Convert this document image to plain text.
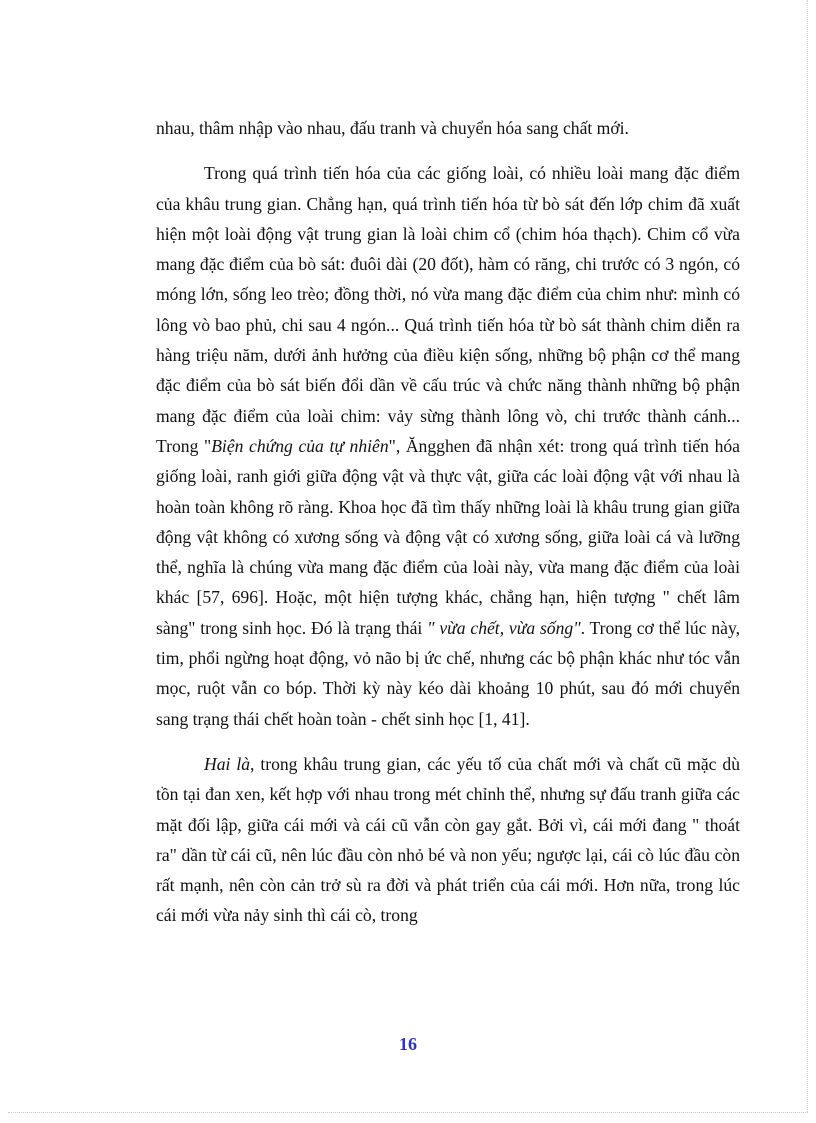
nhau, thâm nhập vào nhau, đấu tranh và chuyển hóa sang chất mới.

Trong quá trình tiến hóa của các giống loài, có nhiều loài mang đặc điểm của khâu trung gian. Chẳng hạn, quá trình tiến hóa từ bò sát đến lớp chim đã xuất hiện một loài động vật trung gian là loài chim cổ (chim hóa thạch). Chim cổ vừa mang đặc điểm của bò sát: đuôi dài (20 đốt), hàm có răng, chi trước có 3 ngón, có móng lớn, sống leo trèo; đồng thời, nó vừa mang đặc điểm của chim như: mình có lông vò bao phủ, chi sau 4 ngón... Quá trình tiến hóa từ bò sát thành chim diễn ra hàng triệu năm, dưới ảnh hưởng của điều kiện sống, những bộ phận cơ thể mang đặc điểm của bò sát biến đổi dần về cấu trúc và chức năng thành những bộ phận mang đặc điểm của loài chim: vảy sừng thành lông vò, chi trước thành cánh... Trong "Biện chứng của tự nhiên", Ăngghen đã nhận xét: trong quá trình tiến hóa giống loài, ranh giới giữa động vật và thực vật, giữa các loài động vật với nhau là hoàn toàn không rõ ràng. Khoa học đã tìm thấy những loài là khâu trung gian giữa động vật không có xương sống và động vật có xương sống, giữa loài cá và lưỡng thể, nghĩa là chúng vừa mang đặc điểm của loài này, vừa mang đặc điểm của loài khác [57, 696]. Hoặc, một hiện tượng khác, chẳng hạn, hiện tượng " chết lâm sàng" trong sinh học. Đó là trạng thái " vừa chết, vừa sống". Trong cơ thể lúc này, tim, phổi ngừng hoạt động, vỏ não bị ức chế, nhưng các bộ phận khác như tóc vẫn mọc, ruột vẫn co bóp. Thời kỳ này kéo dài khoảng 10 phút, sau đó mới chuyển sang trạng thái chết hoàn toàn - chết sinh học [1, 41].

Hai là, trong khâu trung gian, các yếu tố của chất mới và chất cũ mặc dù tồn tại đan xen, kết hợp với nhau trong mét chỉnh thể, nhưng sự đấu tranh giữa các mặt đối lập, giữa cái mới và cái cũ vẫn còn gay gắt. Bởi vì, cái mới đang " thoát ra" dần từ cái cũ, nên lúc đầu còn nhỏ bé và non yếu; ngược lại, cái cò lúc đầu còn rất mạnh, nên còn cản trở sù ra đời và phát triển của cái mới. Hơn nữa, trong lúc cái mới vừa nảy sinh thì cái cò, trong

16
